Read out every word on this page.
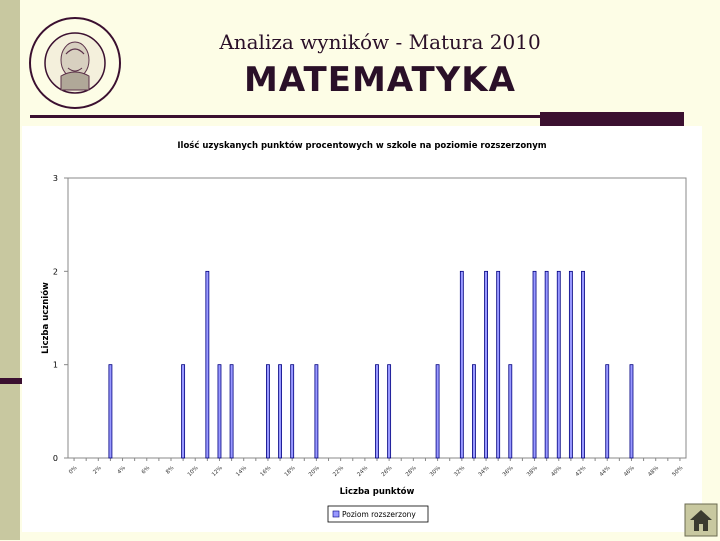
Analiza wyników - Matura 2010
MATEMATYKA
Ilość uzyskanych punktów procentowych w szkole na poziomie rozszerzonym
0
1
2
3
Liczba uczniów
0%	2%	4%	6%	8% 10% 12% 14% 16% 18% 20% 22% 24% 26% 28% 30% 32% 34% 36% 38% 40% 42% 44% 46% 48% 50%
Liczba punktów
Poziom rozszerzony
